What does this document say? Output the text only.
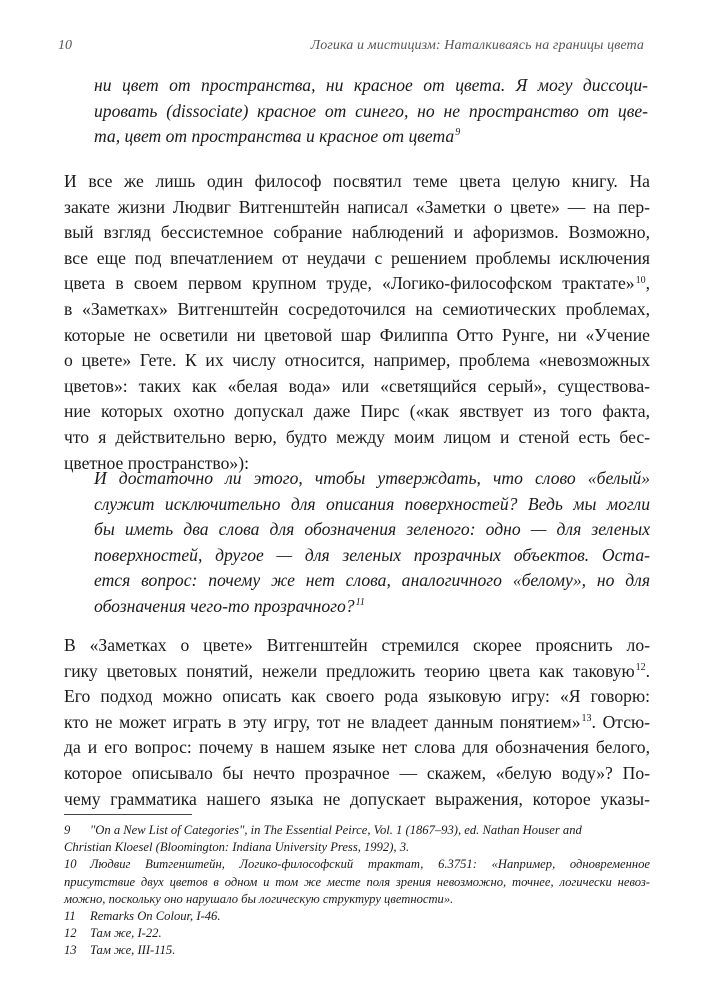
10	Логика и мистицизм: Наталкиваясь на границы цвета
ни цвет от пространства, ни красное от цвета. Я могу диссоци-
ировать (dissociate) красное от синего, но не пространство от цве-
та, цвет от пространства и красное от цвета$^9$
И все же лишь один философ посвятил теме цвета целую книгу. На
закате жизни Людвиг Витгенштейн написал «Заметки о цвете» — на пер-
вый взгляд бессистемное собрание наблюдений и афоризмов. Возможно,
все еще под впечатлением от неудачи с решением проблемы исключения
цвета в своем первом крупном труде, «Логико-философском трактате»$^{10}$,
в «Заметках» Витгенштейн сосредоточился на семиотических проблемах,
которые не осветили ни цветовой шар Филиппа Отто Рунге, ни «Учение
о цвете» Гете. К их числу относится, например, проблема «невозможных
цветов»: таких как «белая вода» или «светящийся серый», существова-
ние которых охотно допускал даже Пирс («как явствует из того факта,
что я действительно верю, будто между моим лицом и стеной есть бес-
цветное пространство»):
И достаточно ли этого, чтобы утверждать, что слово «белый»
служит исключительно для описания поверхностей? Ведь мы могли
бы иметь два слова для обозначения зеленого: одно — для зеленых
поверхностей, другое — для зеленых прозрачных объектов. Оста-
ется вопрос: почему же нет слова, аналогичного «белому», но для
обозначения чего-то прозрачного?$^{11}$
В «Заметках о цвете» Витгенштейн стремился скорее прояснить ло-
гику цветовых понятий, нежели предложить теорию цвета как таковую$^{12}$.
Его подход можно описать как своего рода языковую игру: «Я говорю:
кто не может играть в эту игру, тот не владеет данным понятием»$^{13}$. Отсю-
да и его вопрос: почему в нашем языке нет слова для обозначения белого,
которое описывало бы нечто прозрачное — скажем, «белую воду»? По-
чему грамматика нашего языка не допускает выражения, которое указы-
9 "On a New List of Categories", in The Essential Peirce, Vol. 1 (1867–93), ed. Nathan Houser and
Christian Kloesel (Bloomington: Indiana University Press, 1992), 3.
10 Людвиг Витгенштейн, Логико-философский трактат, 6.3751: «Например, одновременное
присутствие двух цветов в одном и том же месте поля зрения невозможно, точнее, логически невоз-
можно, поскольку оно нарушало бы логическую структуру цветности».
11 Remarks On Colour, I-46.
12 Там же, I-22.
13 Там же, III-115.
